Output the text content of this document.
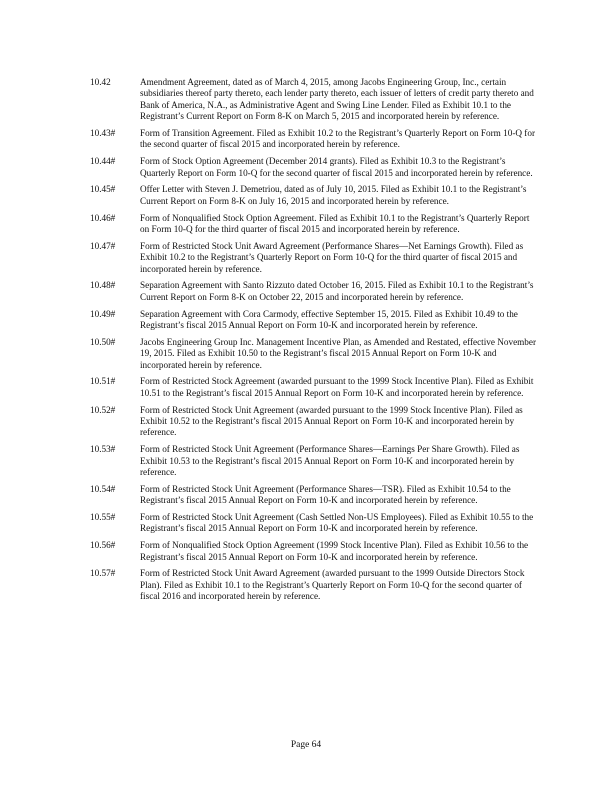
10.42	Amendment Agreement, dated as of March 4, 2015, among Jacobs Engineering Group, Inc., certain subsidiaries thereof party thereto, each lender party thereto, each issuer of letters of credit party thereto and Bank of America, N.A., as Administrative Agent and Swing Line Lender. Filed as Exhibit 10.1 to the Registrant’s Current Report on Form 8-K on March 5, 2015 and incorporated herein by reference.
10.43#	Form of Transition Agreement. Filed as Exhibit 10.2 to the Registrant’s Quarterly Report on Form 10-Q for the second quarter of fiscal 2015 and incorporated herein by reference.
10.44#	Form of Stock Option Agreement (December 2014 grants). Filed as Exhibit 10.3 to the Registrant’s Quarterly Report on Form 10-Q for the second quarter of fiscal 2015 and incorporated herein by reference.
10.45#	Offer Letter with Steven J. Demetriou, dated as of July 10, 2015. Filed as Exhibit 10.1 to the Registrant’s Current Report on Form 8-K on July 16, 2015 and incorporated herein by reference.
10.46#	Form of Nonqualified Stock Option Agreement. Filed as Exhibit 10.1 to the Registrant’s Quarterly Report on Form 10-Q for the third quarter of fiscal 2015 and incorporated herein by reference.
10.47#	Form of Restricted Stock Unit Award Agreement (Performance Shares—Net Earnings Growth). Filed as Exhibit 10.2 to the Registrant’s Quarterly Report on Form 10-Q for the third quarter of fiscal 2015 and incorporated herein by reference.
10.48#	Separation Agreement with Santo Rizzuto dated October 16, 2015. Filed as Exhibit 10.1 to the Registrant’s Current Report on Form 8-K on October 22, 2015 and incorporated herein by reference.
10.49#	Separation Agreement with Cora Carmody, effective September 15, 2015. Filed as Exhibit 10.49 to the Registrant’s fiscal 2015 Annual Report on Form 10-K and incorporated herein by reference.
10.50#	Jacobs Engineering Group Inc. Management Incentive Plan, as Amended and Restated, effective November 19, 2015. Filed as Exhibit 10.50 to the Registrant’s fiscal 2015 Annual Report on Form 10-K and incorporated herein by reference.
10.51#	Form of Restricted Stock Agreement (awarded pursuant to the 1999 Stock Incentive Plan). Filed as Exhibit 10.51 to the Registrant’s fiscal 2015 Annual Report on Form 10-K and incorporated herein by reference.
10.52#	Form of Restricted Stock Unit Agreement (awarded pursuant to the 1999 Stock Incentive Plan). Filed as Exhibit 10.52 to the Registrant’s fiscal 2015 Annual Report on Form 10-K and incorporated herein by reference.
10.53#	Form of Restricted Stock Unit Agreement (Performance Shares—Earnings Per Share Growth). Filed as Exhibit 10.53 to the Registrant’s fiscal 2015 Annual Report on Form 10-K and incorporated herein by reference.
10.54#	Form of Restricted Stock Unit Agreement (Performance Shares—TSR). Filed as Exhibit 10.54 to the Registrant’s fiscal 2015 Annual Report on Form 10-K and incorporated herein by reference.
10.55#	Form of Restricted Stock Unit Agreement (Cash Settled Non-US Employees). Filed as Exhibit 10.55 to the Registrant’s fiscal 2015 Annual Report on Form 10-K and incorporated herein by reference.
10.56#	Form of Nonqualified Stock Option Agreement (1999 Stock Incentive Plan). Filed as Exhibit 10.56 to the Registrant’s fiscal 2015 Annual Report on Form 10-K and incorporated herein by reference.
10.57#	Form of Restricted Stock Unit Award Agreement (awarded pursuant to the 1999 Outside Directors Stock Plan). Filed as Exhibit 10.1 to the Registrant’s Quarterly Report on Form 10-Q for the second quarter of fiscal 2016 and incorporated herein by reference.
Page 64
